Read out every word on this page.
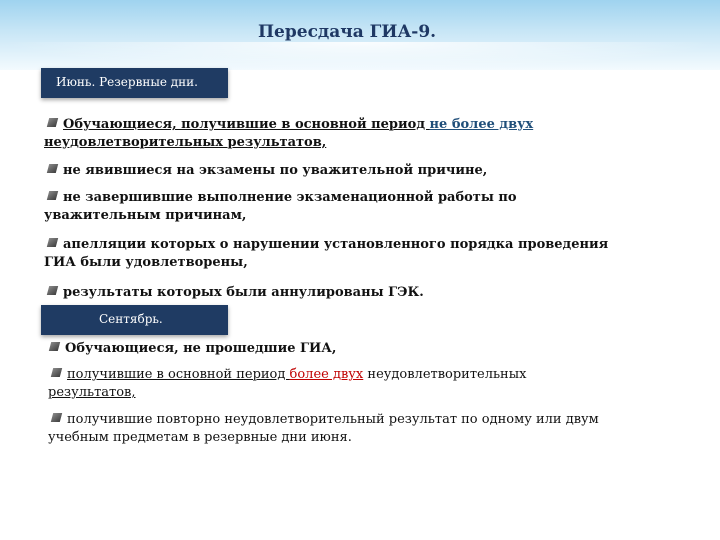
Пересдача ГИА-9.
Июнь. Резервные дни.
Обучающиеся, получившие в основной период не более двух
неудовлетворительных результатов,
не явившиеся на экзамены по уважительной причине,
не завершившие выполнение экзаменационной работы по
уважительным причинам,
апелляции которых о нарушении установленного порядка проведения
ГИА были удовлетворены,
результаты которых были аннулированы ГЭК.
Сентябрь.
Обучающиеся, не прошедшие ГИА,
получившие в основной период более двух неудовлетворительных
результатов,
получившие повторно неудовлетворительный результат по одному или двум
учебным предметам в резервные дни июня.
